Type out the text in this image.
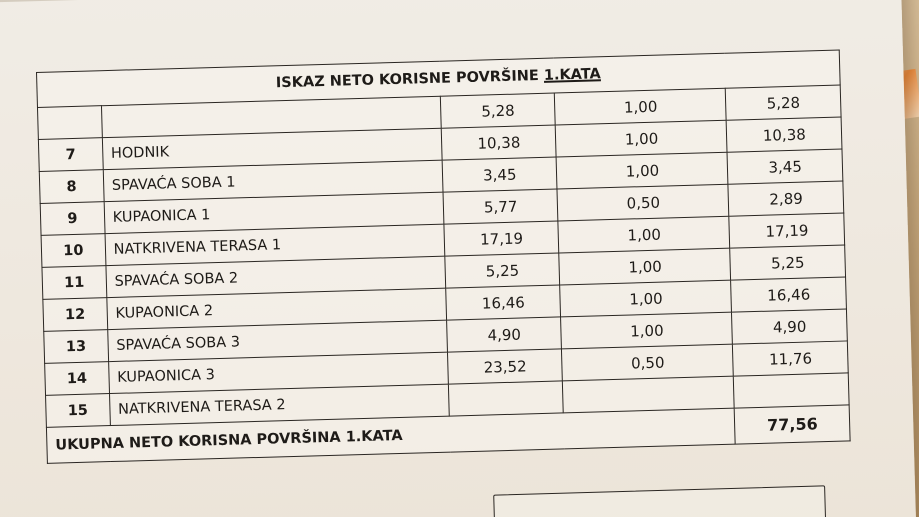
ISKAZ NETO KORISNE POVRŠINE 1.KATA				
		5,28	1,00	5,28
7	HODNIK	10,38	1,00	10,38
8	SPAVAĆA SOBA 1	3,45	1,00	3,45
9	KUPAONICA 1	5,77	0,50	2,89
10	NATKRIVENA TERASA 1	17,19	1,00	17,19
11	SPAVAĆA SOBA 2	5,25	1,00	5,25
12	KUPAONICA 2	16,46	1,00	16,46
13	SPAVAĆA SOBA 3	4,90	1,00	4,90
14	KUPAONICA 3	23,52	0,50	11,76
15	NATKRIVENA TERASA 2			
UKUPNA NETO KORISNA POVRŠINA 1.KATA				77,56
